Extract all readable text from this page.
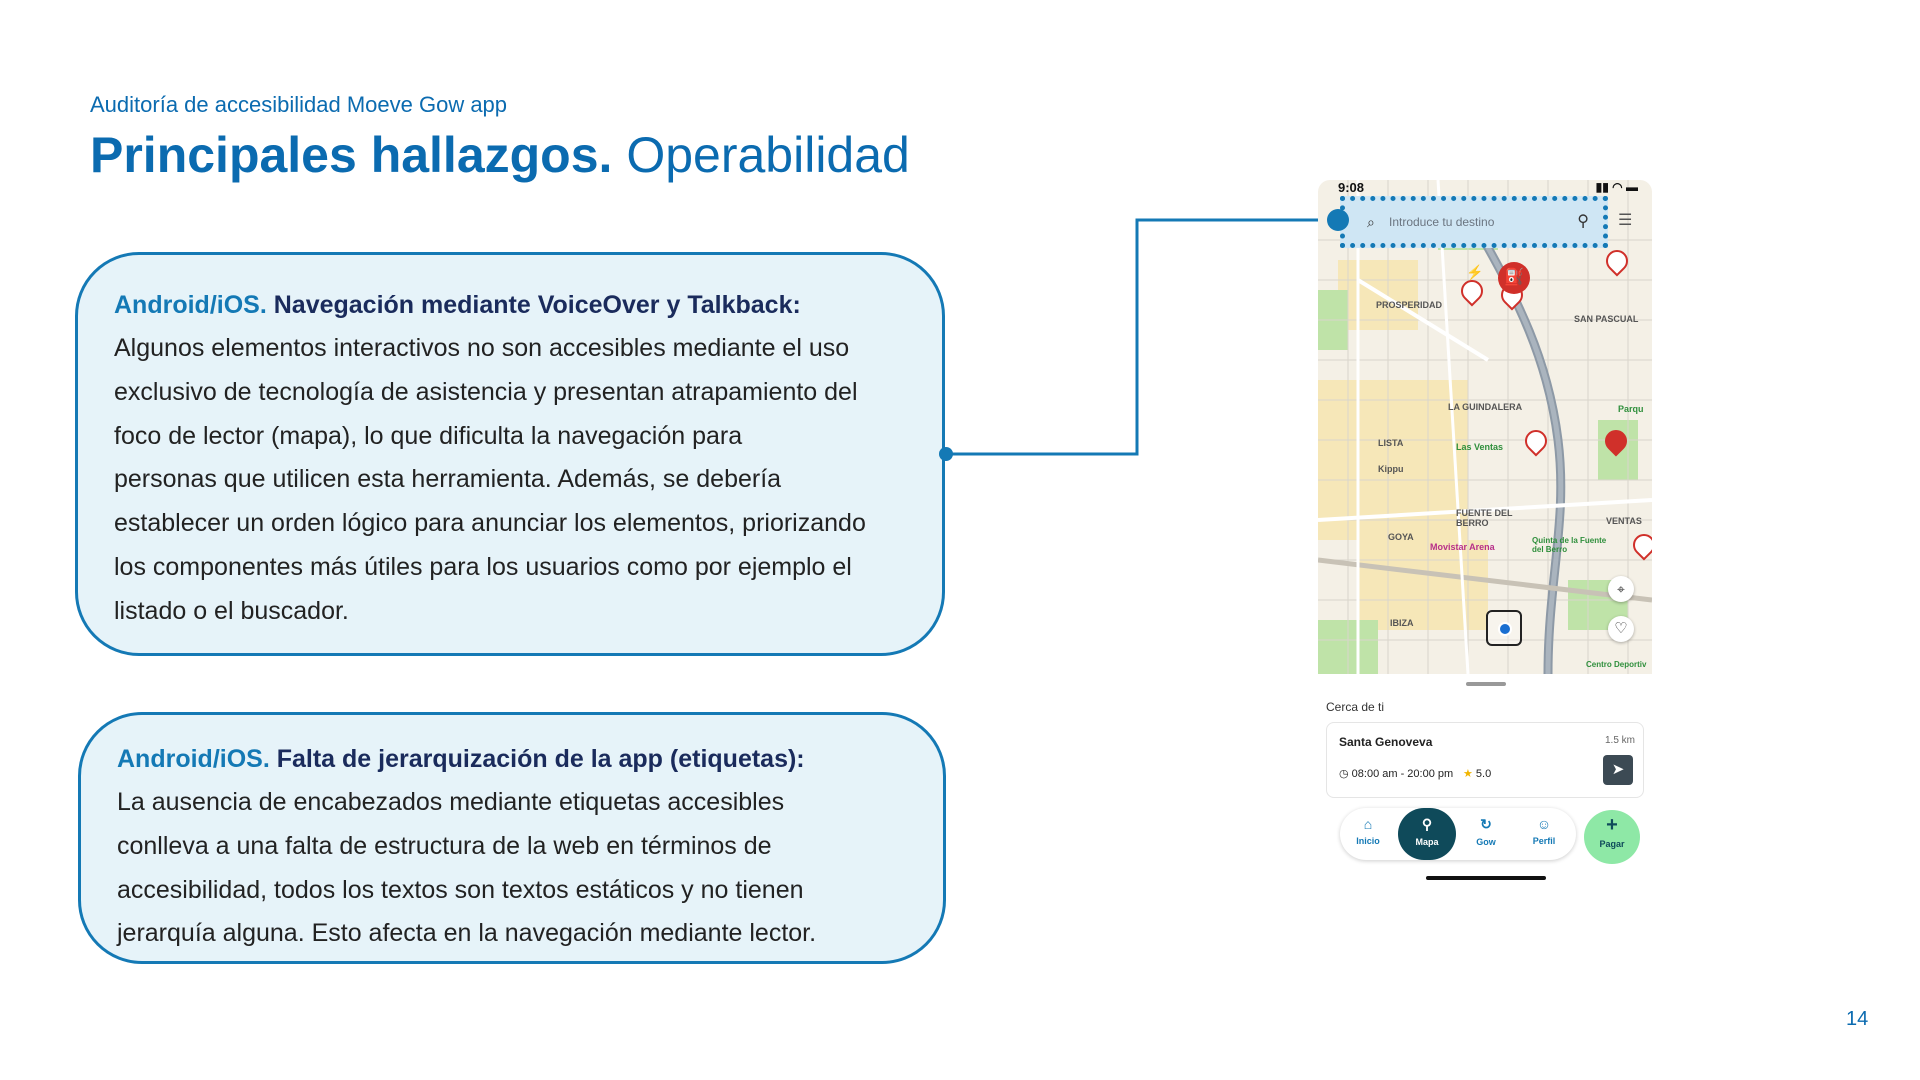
Auditoría de accesibilidad Moeve Gow app
Principales hallazgos. Operabilidad
Android/iOS. Navegación mediante VoiceOver y Talkback:
Algunos elementos interactivos no son accesibles mediante el uso
exclusivo de tecnología de asistencia y presentan atrapamiento del
foco de lector (mapa), lo que dificulta la navegación para
personas que utilicen esta herramienta. Además, se debería
establecer un orden lógico para anunciar los elementos, priorizando
los componentes más útiles para los usuarios como por ejemplo el
listado o el buscador.
Android/iOS. Falta de jerarquización de la app (etiquetas):
La ausencia de encabezados mediante etiquetas accesibles
conlleva a una falta de estructura de la web en términos de
accesibilidad, todos los textos son textos estáticos y no tienen
jerarquía alguna. Esto afecta en la navegación mediante lector.
PROSPERIDAD
SAN PASCUAL
LA GUINDALERA
LISTA	Las Ventas
Kippu
FUENTE DEL BERRO
GOYA
Movistar Arena
Quinta de la Fuente del Berro
VENTAS
IBIZA
Centro Deportiv
Parqu
⛽
⚡
⌖
♡
9:08	▮▮ ◠ ▬
⌕ Introduce tu destino	⚲ ☰
Cerca de ti
Santa Genoveva	1.5 km
◷ 08:00 am - 20:00 pm ★ 5.0	➤
⌂
Inicio
⚲
Mapa
↻
Gow
☺
Perfil
+
Pagar
14
